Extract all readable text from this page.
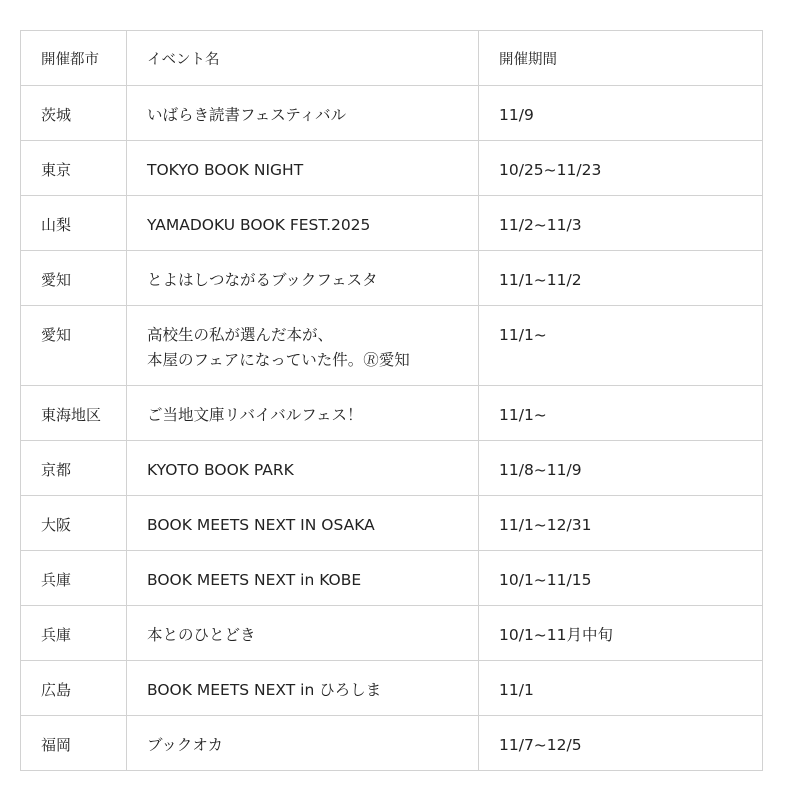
開催都市	イベント名	開催期間
茨城	いばらき読書フェスティバル	11/9
東京	TOKYO BOOK NIGHT	10/25~11/23
山梨	YAMADOKU BOOK FEST.2025	11/2~11/3
愛知	とよはしつながるブックフェスタ	11/1~11/2
愛知	高校生の私が選んだ本が、
本屋のフェアになっていた件。🄬愛知	11/1~
東海地区	ご当地文庫リバイバルフェス！	11/1~
京都	KYOTO BOOK PARK	11/8~11/9
大阪	BOOK MEETS NEXT IN OSAKA	11/1~12/31
兵庫	BOOK MEETS NEXT in KOBE	10/1~11/15
兵庫	本とのひとどき	10/1~11月中旬
広島	BOOK MEETS NEXT in ひろしま	11/1
福岡	ブックオカ	11/7~12/5
